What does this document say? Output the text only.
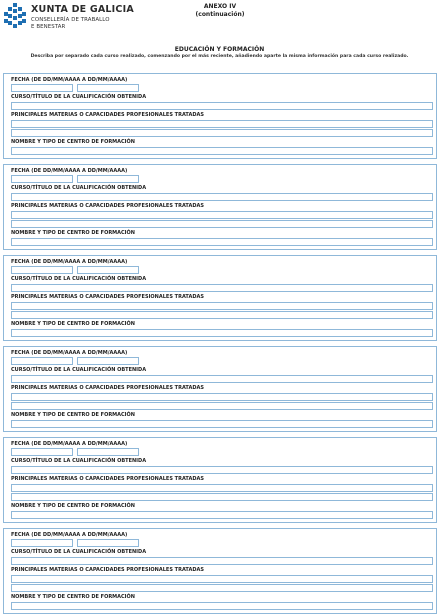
XUNTA DE GALICIA
CONSELLERÍA DE TRABALLO
E BENESTAR
ANEXO IV
(continuación)
EDUCACIÓN Y FORMACIÓN
Describa por separado cada curso realizado, comenzando por el más reciente, añadiendo aparte la misma información para cada curso realizado.
FECHA (DE DD/MM/AAAA A DD/MM/AAAA)
CURSO/TÍTULO DE LA CUALIFICACIÓN OBTENIDA
PRINCIPALES MATERIAS O CAPACIDADES PROFESIONALES TRATADAS
NOMBRE Y TIPO DE CENTRO DE FORMACIÓN
FECHA (DE DD/MM/AAAA A DD/MM/AAAA)
CURSO/TÍTULO DE LA CUALIFICACIÓN OBTENIDA
PRINCIPALES MATERIAS O CAPACIDADES PROFESIONALES TRATADAS
NOMBRE Y TIPO DE CENTRO DE FORMACIÓN
FECHA (DE DD/MM/AAAA A DD/MM/AAAA)
CURSO/TÍTULO DE LA CUALIFICACIÓN OBTENIDA
PRINCIPALES MATERIAS O CAPACIDADES PROFESIONALES TRATADAS
NOMBRE Y TIPO DE CENTRO DE FORMACIÓN
FECHA (DE DD/MM/AAAA A DD/MM/AAAA)
CURSO/TÍTULO DE LA CUALIFICACIÓN OBTENIDA
PRINCIPALES MATERIAS O CAPACIDADES PROFESIONALES TRATADAS
NOMBRE Y TIPO DE CENTRO DE FORMACIÓN
FECHA (DE DD/MM/AAAA A DD/MM/AAAA)
CURSO/TÍTULO DE LA CUALIFICACIÓN OBTENIDA
PRINCIPALES MATERIAS O CAPACIDADES PROFESIONALES TRATADAS
NOMBRE Y TIPO DE CENTRO DE FORMACIÓN
FECHA (DE DD/MM/AAAA A DD/MM/AAAA)
CURSO/TÍTULO DE LA CUALIFICACIÓN OBTENIDA
PRINCIPALES MATERIAS O CAPACIDADES PROFESIONALES TRATADAS
NOMBRE Y TIPO DE CENTRO DE FORMACIÓN
